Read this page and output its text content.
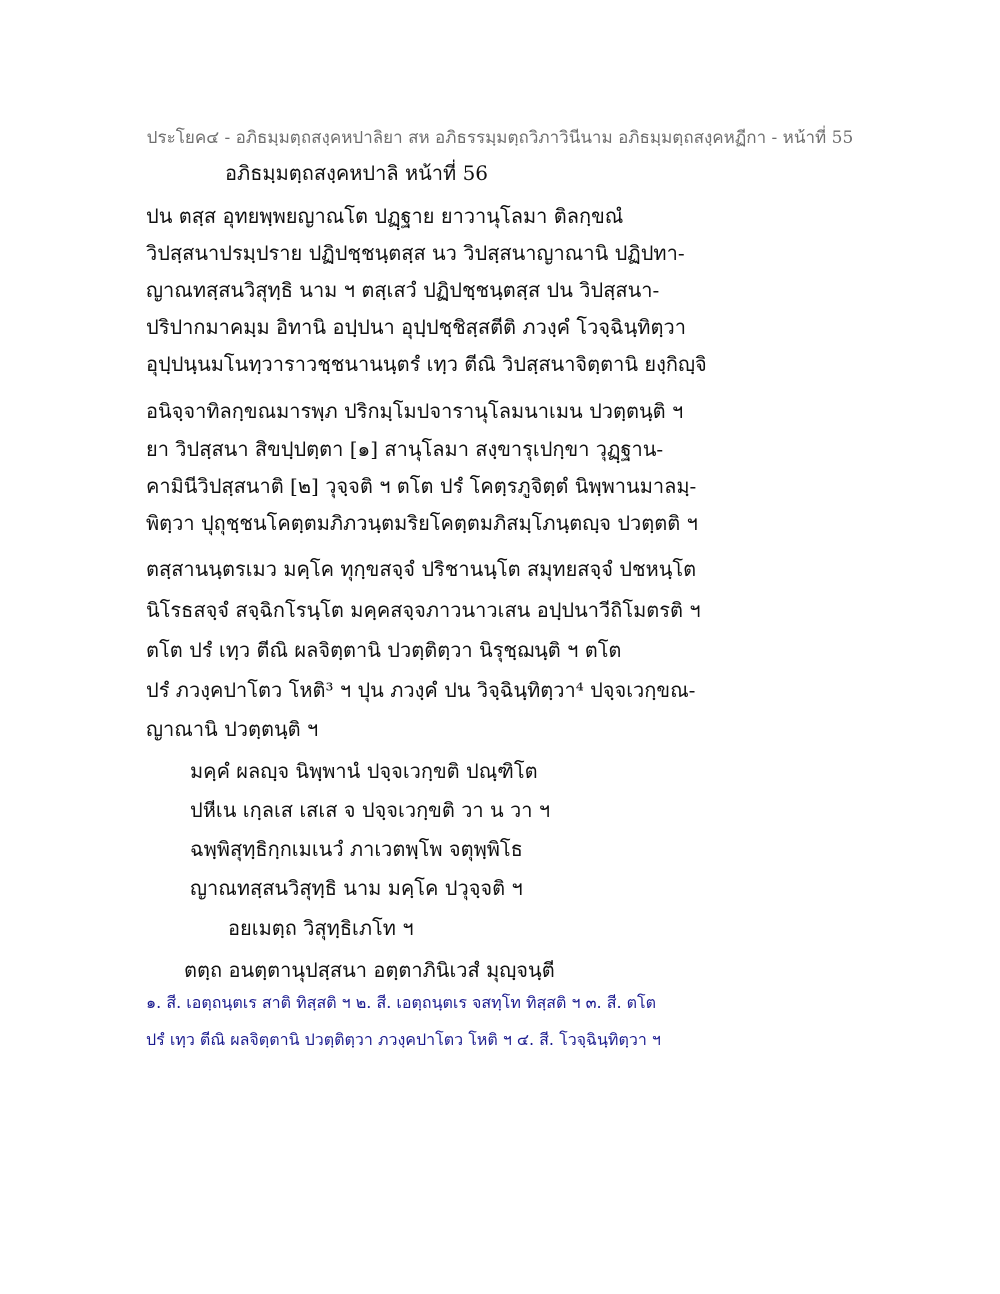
ประโยค๔ - อภิธมฺมตฺถสงฺคหปาลิยา สห อภิธรรมฺมตฺถวิภาวินีนาม อภิธมฺมตฺถสงฺคหฏีกา - หน้าที่ 55
อภิธมฺมตฺถสงฺคหปาลิ หน้าที่ 56
ปน ตสฺส อุทยพฺพยญาณโต ปฏฺฐาย ยาวานุโลมา ติลกฺขณํ
วิปสฺสนาปรมฺปราย ปฏิปชฺชนฺตสฺส นว วิปสฺสนาญาณานิ ปฏิปทา-
ญาณทสฺสนวิสุทฺธิ นาม ฯ ตสฺเสวํ ปฏิปชฺชนฺตสฺส ปน วิปสฺสนา-
ปริปากมาคมฺม อิทานิ อปฺปนา อุปฺปชฺชิสฺสตีติ ภวงฺคํ โวจฺฉินฺทิตฺวา
อุปฺปนฺนมโนทฺวาราวชฺชนานนฺตรํ เทฺว ตีณิ วิปสฺสนาจิตฺตานิ ยงฺกิญฺจิ
อนิจฺจาทิลกฺขณมารพฺภ ปริกมฺโมปจารานุโลมนาเมน ปวตฺตนฺติ ฯ
ยา วิปสฺสนา สิขปฺปตฺตา [๑] สานุโลมา สงฺขารุเปกฺขา วุฏฺฐาน-
คามินีวิปสฺสนาติ [๒] วุจฺจติ ฯ ตโต ปรํ โคตฺรภูจิตฺตํ นิพฺพานมาลมฺ-
พิตฺวา ปุถุชฺชนโคตฺตมภิภวนฺตมริยโคตฺตมภิสมฺโภนฺตญฺจ ปวตฺตติ ฯ
ตสฺสานนฺตรเมว มคฺโค ทุกฺขสจฺจํ ปริชานนฺโต สมุทยสจฺจํ ปชหนฺโต
นิโรธสจฺจํ สจฺฉิกโรนฺโต มคฺคสจฺจภาวนาวเสน อปฺปนาวีถิโมตรติ ฯ
ตโต ปรํ เทฺว ตีณิ ผลจิตฺตานิ ปวตฺติตฺวา นิรุชฺฌนฺติ ฯ ตโต
ปรํ ภวงฺคปาโตว โหติ³ ฯ ปุน ภวงฺคํ ปน วิจฺฉินฺทิตฺวา⁴ ปจฺจเวกฺขณ-
ญาณานิ ปวตฺตนฺติ ฯ
มคฺคํ ผลญฺจ นิพฺพานํ ปจฺจเวกฺขติ ปณฺฑิโต
ปหีเน เกฺลเส เสเส จ ปจฺจเวกฺขติ วา น วา ฯ
ฉพฺพิสุทฺธิกฺกเมเนวํ ภาเวตพฺโพ จตุพฺพิโธ
ญาณทสฺสนวิสุทฺธิ นาม มคฺโค ปวุจฺจติ ฯ
อยเมตฺถ วิสุทฺธิเภโท ฯ
ตตฺถ อนตฺตานุปสฺสนา อตฺตาภินิเวสํ มุญฺจนฺตี
๑. สี. เอตฺถนฺตเร สาติ ทิสฺสติ ฯ ๒. สี. เอตฺถนฺตเร จสทฺโท ทิสฺสติ ฯ ๓. สี. ตโต
ปรํ เทฺว ตีณิ ผลจิตฺตานิ ปวตฺติตฺวา ภวงฺคปาโตว โหติ ฯ ๔. สี. โวจฺฉินฺทิตฺวา ฯ
